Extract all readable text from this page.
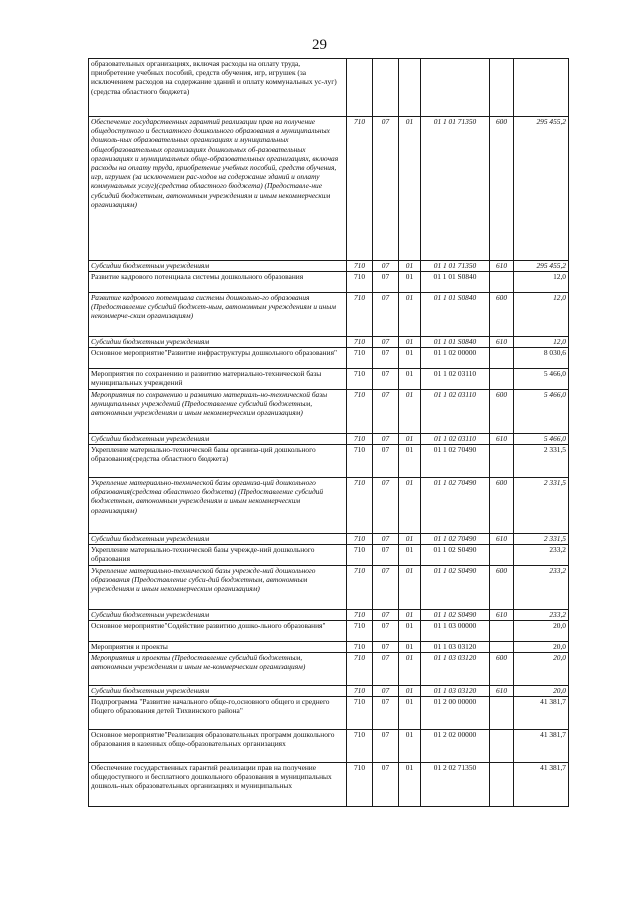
29
образовательных организациях, включая расходы на оплату труда, приобретение учебных пособий, средств обучения, игр, игрушек (за исключением расходов на содержание зданий и оплату коммунальных ус-луг)(средства областного бюджета)						
Обеспечение государственных гарантий реализации прав на получение общедоступного и бесплатного дошкольного образования в муниципальных дошколь-ных образовательных организациях и муниципальных общеобразовательных организациях дошкольных об-разовательных организациях и муниципальных обще-образовательных организациях, включая расходы на оплату труда, приобретение учебных пособий, средств обучения, игр, игрушек (за исключением рас-ходов на содержание зданий и оплату коммунальных услуг)(средства областного бюджета) (Предоставле-ние субсидий бюджетным, автономным учреждениям и иным некоммерческим организациям)	710	07	01	01 1 01 71350	600	295 455,2
Субсидии бюджетным учреждениям	710	07	01	01 1 01 71350	610	295 455,2
Развитие кадрового потенциала системы дошкольного образования	710	07	01	01 1 01 S0840		12,0
Развитие кадрового потенциала системы дошкольно-го образования (Предоставление субсидий бюджет-ным, автономным учреждениям и иным некоммерче-ским организациям)	710	07	01	01 1 01 S0840	600	12,0
Субсидии бюджетным учреждениям	710	07	01	01 1 01 S0840	610	12,0
Основное мероприятие"Развитие инфраструктуры дошкольного образования"	710	07	01	01 1 02 00000		8 030,6
Мероприятия по сохранению и развитию материально-технической базы муниципальных учреждений	710	07	01	01 1 02 03110		5 466,0
Мероприятия по сохранению и развитию материаль-но-технической базы муниципальных учреждений (Предоставление субсидий бюджетным, автономным учреждениям и иным некоммерческим организациям)	710	07	01	01 1 02 03110	600	5 466,0
Субсидии бюджетным учреждениям	710	07	01	01 1 02 03110	610	5 466,0
Укрепление материально-технической базы организа-ций дошкольного образования(средства областного бюджета)	710	07	01	01 1 02 70490		2 331,5
Укрепление материально-технической базы организа-ций дошкольного образования(средства областного бюджета) (Предоставление субсидий бюджетным, автономным учреждениям и иным некоммерческим организациям)	710	07	01	01 1 02 70490	600	2 331,5
Субсидии бюджетным учреждениям	710	07	01	01 1 02 70490	610	2 331,5
Укрепление материально-технической базы учрежде-ний дошкольного образования	710	07	01	01 1 02 S0490		233,2
Укрепление материально-технической базы учрежде-ний дошкольного образования (Предоставление субси-дий бюджетным, автономным учреждениям и иным некоммерческим организациям)	710	07	01	01 1 02 S0490	600	233,2
Субсидии бюджетным учреждениям	710	07	01	01 1 02 S0490	610	233,2
Основное мероприятие"Содействие развитию дошко-льного образования"	710	07	01	01 1 03 00000		20,0
Мероприятия и проекты	710	07	01	01 1 03 03120		20,0
Мероприятия и проекты (Предоставление субсидий бюджетным, автономным учреждениям и иным не-коммерческим организациям)	710	07	01	01 1 03 03120	600	20,0
Субсидии бюджетным учреждениям	710	07	01	01 1 03 03120	610	20,0
Подпрограмма "Развитие начального обще-го,основного общего и среднего общего образования детей Тихвинского района"	710	07	01	01 2 00 00000		41 381,7
Основное мероприятие"Реализация образовательных программ дошкольного образования в казенных обще-образовательных организациях	710	07	01	01 2 02 00000		41 381,7
Обеспечение государственных гарантий реализации прав на получение общедоступного и бесплатного дошкольного образования в муниципальных дошколь-ных образовательных организациях и муниципальных	710	07	01	01 2 02 71350		41 381,7
